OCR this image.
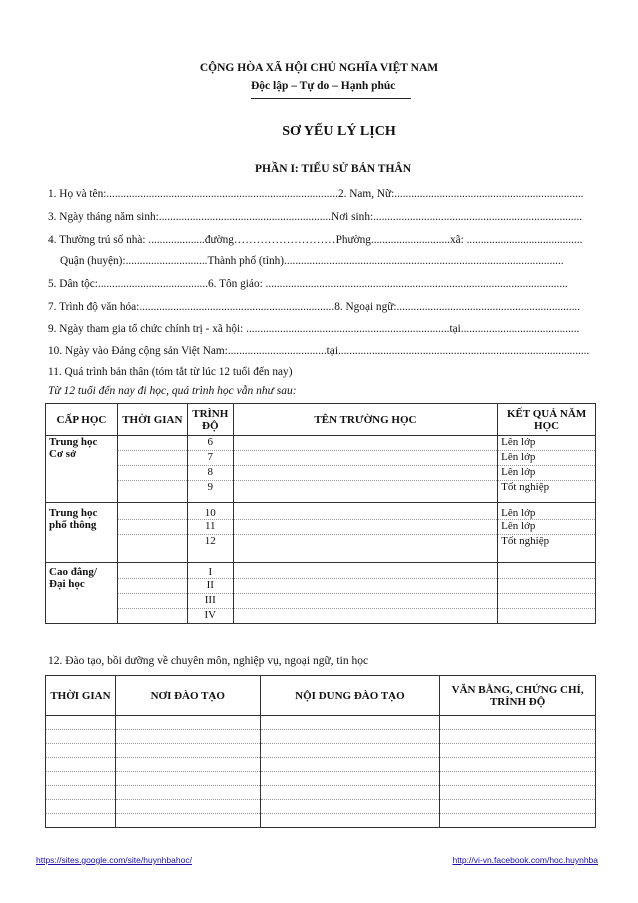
CỘNG HÒA XÃ HỘI CHỦ NGHĨA VIỆT NAM
Độc lập – Tự do – Hạnh phúc
SƠ YẾU LÝ LỊCH
PHẦN I: TIỂU SỬ BẢN THÂN
1. Họ và tên:..................................................................................2. Nam, Nữ:...................................................................
3. Ngày tháng năm sinh:.............................................................Nơi sinh:..........................................................................
4. Thường trú số nhà: ....................đường………………………Phường............................xã: .........................................
Quận (huyện):.............................Thành phố (tỉnh)...................................................................................................
5. Dân tộc:.......................................6. Tôn giáo: ...........................................................................................................
7. Trình độ văn hóa:.....................................................................8. Ngoại ngữ:.................................................................
9. Ngày tham gia tổ chức chính trị - xã hội: ........................................................................tại..........................................
10. Ngày vào Đảng cộng sản Việt Nam:...................................tại.........................................................................................
11. Quá trình bản thân (tóm tắt từ lúc 12 tuổi đến nay)
Từ 12 tuổi đến nay đi học, quá trình học vẫn như sau:
CẤP HỌC	THỜI GIAN	TRÌNH ĐỘ	TÊN TRƯỜNG HỌC	KẾT QUẢ NĂM HỌC
Trung học Cơ sở		6		Lên lớp
		7		Lên lớp
		8		Lên lớp
		9		Tốt nghiệp
Trung học phổ thông		10		Lên lớp
		11		Lên lớp
		12		Tốt nghiệp
Cao đẳng/ Đại học		I		
		II		
		III		
		IV		
12. Đào tạo, bồi dưỡng về chuyên môn, nghiệp vụ, ngoại ngữ, tin học
THỜI GIAN	NƠI ĐÀO TẠO	NỘI DUNG ĐÀO TẠO	VĂN BẰNG, CHỨNG CHỈ, TRÌNH ĐỘ

https://sites.google.com/site/huynhbahoc/	http://vi-vn.facebook.com/hoc.huynhba
